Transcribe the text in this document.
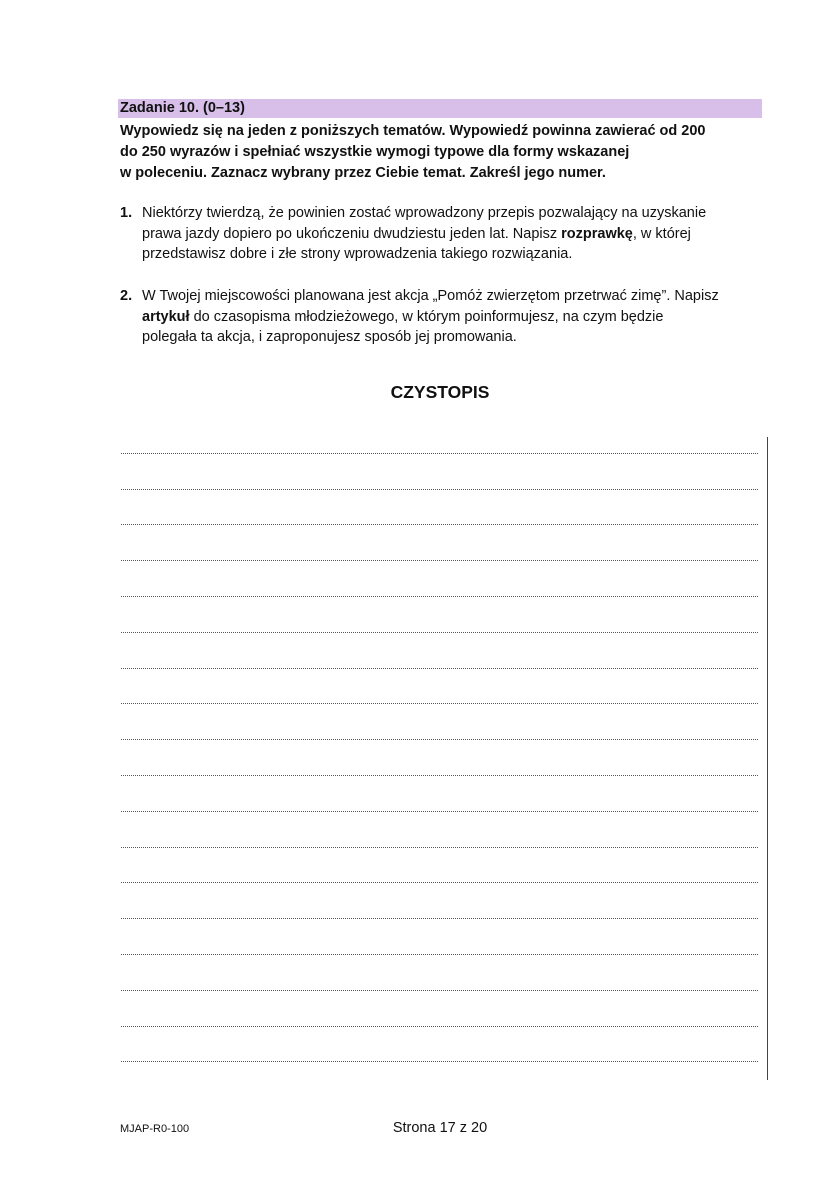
Zadanie 10. (0–13)
Wypowiedz się na jeden z poniższych tematów. Wypowiedź powinna zawierać od 200
do 250 wyrazów i spełniać wszystkie wymogi typowe dla formy wskazanej
w poleceniu. Zaznacz wybrany przez Ciebie temat. Zakreśl jego numer.
1. Niektórzy twierdzą, że powinien zostać wprowadzony przepis pozwalający na uzyskanie
prawa jazdy dopiero po ukończeniu dwudziestu jeden lat. Napisz rozprawkę, w której
przedstawisz dobre i złe strony wprowadzenia takiego rozwiązania.
2. W Twojej miejscowości planowana jest akcja „Pomóż zwierzętom przetrwać zimę”. Napisz
artykuł do czasopisma młodzieżowego, w którym poinformujesz, na czym będzie
polegała ta akcja, i zaproponujesz sposób jej promowania.
CZYSTOPIS
MJAP-R0-100	Strona 17 z 20
